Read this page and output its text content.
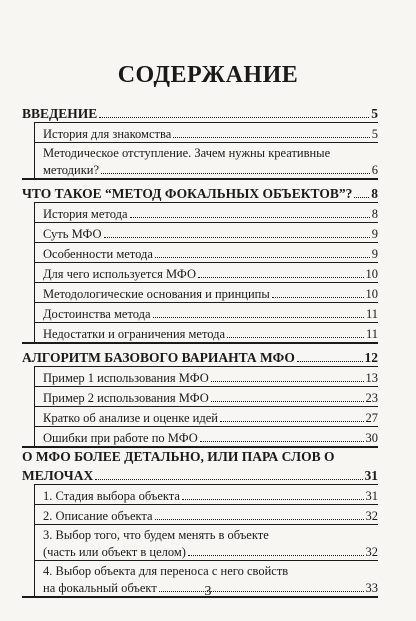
СОДЕРЖАНИЕ
ВВЕДЕНИЕ	5
История для знакомства	5
Методическое отступление. Зачем нужны креативные
методики?	6
ЧТО ТАКОЕ “МЕТОД ФОКАЛЬНЫХ ОБЪЕКТОВ”? 8
История метода	8
Суть МФО	9
Особенности метода	9
Для чего используется МФО	10
Методологические основания и принципы	10
Достоинства метода	11
Недостатки и ограничения метода	11
АЛГОРИТМ БАЗОВОГО ВАРИАНТА МФО	12
Пример 1 использования МФО	13
Пример 2 использования МФО	23
Кратко об анализе и оценке идей	27
Ошибки при работе по МФО	30
О МФО БОЛЕЕ ДЕТАЛЬНО, ИЛИ ПАРА СЛОВ О
МЕЛОЧАХ	31
1. Стадия выбора объекта	31
2. Описание объекта	32
3. Выбор того, что будем менять в объекте
(часть или объект в целом)	32
4. Выбор объекта для переноса с него свойств
на фокальный объект	33
3
